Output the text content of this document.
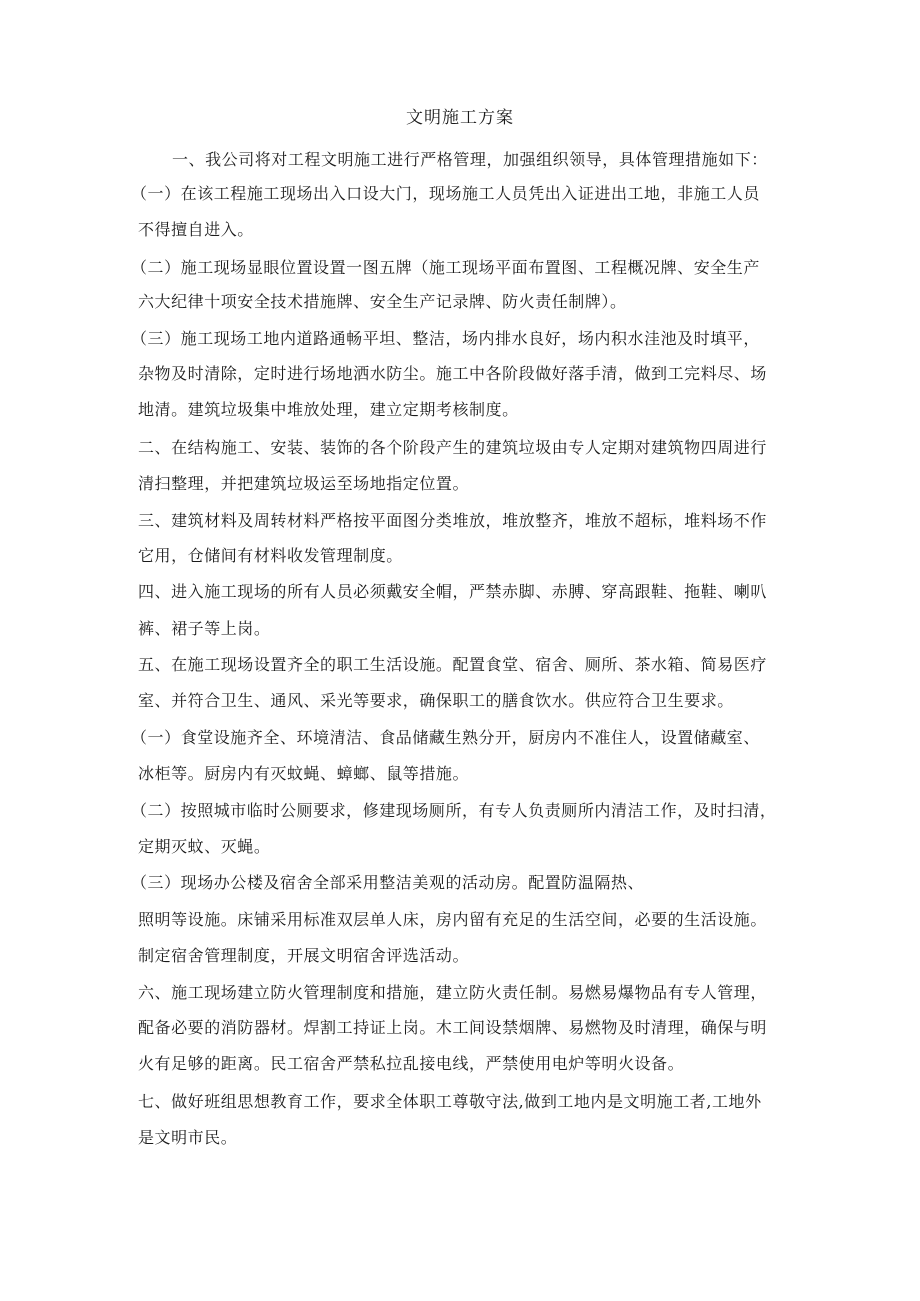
文明施工方案
一、我公司将对工程文明施工进行严格管理，加强组织领导，具体管理措施如下：
（一）在该工程施工现场出入口设大门，现场施工人员凭出入证进出工地，非施工人员
不得擅自进入。
（二）施工现场显眼位置设置一图五牌（施工现场平面布置图、工程概况牌、安全生产
六大纪律十项安全技术措施牌、安全生产记录牌、防火责任制牌）。
（三）施工现场工地内道路通畅平坦、整洁，场内排水良好，场内积水洼池及时填平，
杂物及时清除，定时进行场地洒水防尘。施工中各阶段做好落手清，做到工完料尽、场
地清。建筑垃圾集中堆放处理，建立定期考核制度。
二、在结构施工、安装、装饰的各个阶段产生的建筑垃圾由专人定期对建筑物四周进行
清扫整理，并把建筑垃圾运至场地指定位置。
三、建筑材料及周转材料严格按平面图分类堆放，堆放整齐，堆放不超标，堆料场不作
它用，仓储间有材料收发管理制度。
四、进入施工现场的所有人员必须戴安全帽，严禁赤脚、赤膊、穿高跟鞋、拖鞋、喇叭
裤、裙子等上岗。
五、在施工现场设置齐全的职工生活设施。配置食堂、宿舍、厕所、茶水箱、简易医疗
室、并符合卫生、通风、采光等要求，确保职工的膳食饮水。供应符合卫生要求。
（一）食堂设施齐全、环境清洁、食品储藏生熟分开，厨房内不准住人，设置储藏室、
冰柜等。厨房内有灭蚊蝇、蟑螂、鼠等措施。
（二）按照城市临时公厕要求，修建现场厕所，有专人负责厕所内清洁工作，及时扫清，
定期灭蚊、灭蝇。
（三）现场办公楼及宿舍全部采用整洁美观的活动房。配置防温隔热、
照明等设施。床铺采用标准双层单人床，房内留有充足的生活空间，必要的生活设施。
制定宿舍管理制度，开展文明宿舍评选活动。
六、施工现场建立防火管理制度和措施，建立防火责任制。易燃易爆物品有专人管理，
配备必要的消防器材。焊割工持证上岗。木工间设禁烟牌、易燃物及时清理，确保与明
火有足够的距离。民工宿舍严禁私拉乱接电线，严禁使用电炉等明火设备。
七、做好班组思想教育工作，要求全体职工尊敬守法,做到工地内是文明施工者,工地外
是文明市民。
